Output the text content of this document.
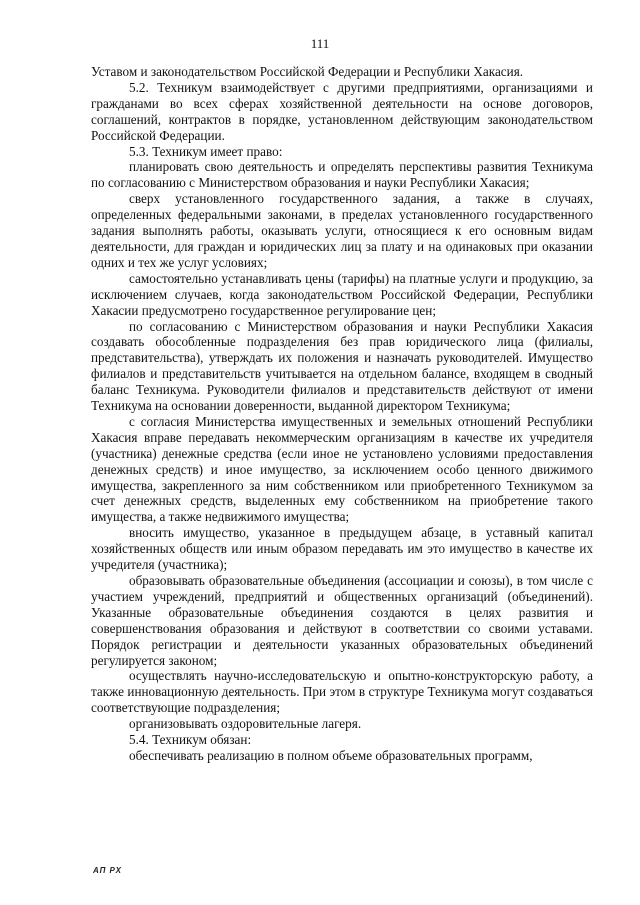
111

Уставом и законодательством Российской Федерации и Республики Хакасия.

5.2. Техникум взаимодействует с другими предприятиями, организациями и гражданами во всех сферах хозяйственной деятельности на основе договоров, соглашений, контрактов в порядке, установленном действующим законодательством Российской Федерации.

5.3. Техникум имеет право:

планировать свою деятельность и определять перспективы развития Техникума по согласованию с Министерством образования и науки Республики Хакасия;

сверх установленного государственного задания, а также в случаях, определенных федеральными законами, в пределах установленного государственного задания выполнять работы, оказывать услуги, относящиеся к его основным видам деятельности, для граждан и юридических лиц за плату и на одинаковых при оказании одних и тех же услуг условиях;

самостоятельно устанавливать цены (тарифы) на платные услуги и продукцию, за исключением случаев, когда законодательством Российской Федерации, Республики Хакасии предусмотрено государственное регулирование цен;

по согласованию с Министерством образования и науки Республики Хакасия создавать обособленные подразделения без прав юридического лица (филиалы, представительства), утверждать их положения и назначать руководителей. Имущество филиалов и представительств учитывается на отдельном балансе, входящем в сводный баланс Техникума. Руководители филиалов и представительств действуют от имени Техникума на основании доверенности, выданной директором Техникума;

с согласия Министерства имущественных и земельных отношений Республики Хакасия вправе передавать некоммерческим организациям в качестве их учредителя (участника) денежные средства (если иное не установлено условиями предоставления денежных средств) и иное имущество, за исключением особо ценного движимого имущества, закрепленного за ним собственником или приобретенного Техникумом за счет денежных средств, выделенных ему собственником на приобретение такого имущества, а также недвижимого имущества;

вносить имущество, указанное в предыдущем абзаце, в уставный капитал хозяйственных обществ или иным образом передавать им это имущество в качестве их учредителя (участника);

образовывать образовательные объединения (ассоциации и союзы), в том числе с участием учреждений, предприятий и общественных организаций (объединений). Указанные образовательные объединения создаются в целях развития и совершенствования образования и действуют в соответствии со своими уставами. Порядок регистрации и деятельности указанных образовательных объединений регулируется законом;

осуществлять научно-исследовательскую и опытно-конструкторскую работу, а также инновационную деятельность. При этом в структуре Техникума могут создаваться соответствующие подразделения;

организовывать оздоровительные лагеря.

5.4. Техникум обязан:

обеспечивать реализацию в полном объеме образовательных программ,

АП РХ
